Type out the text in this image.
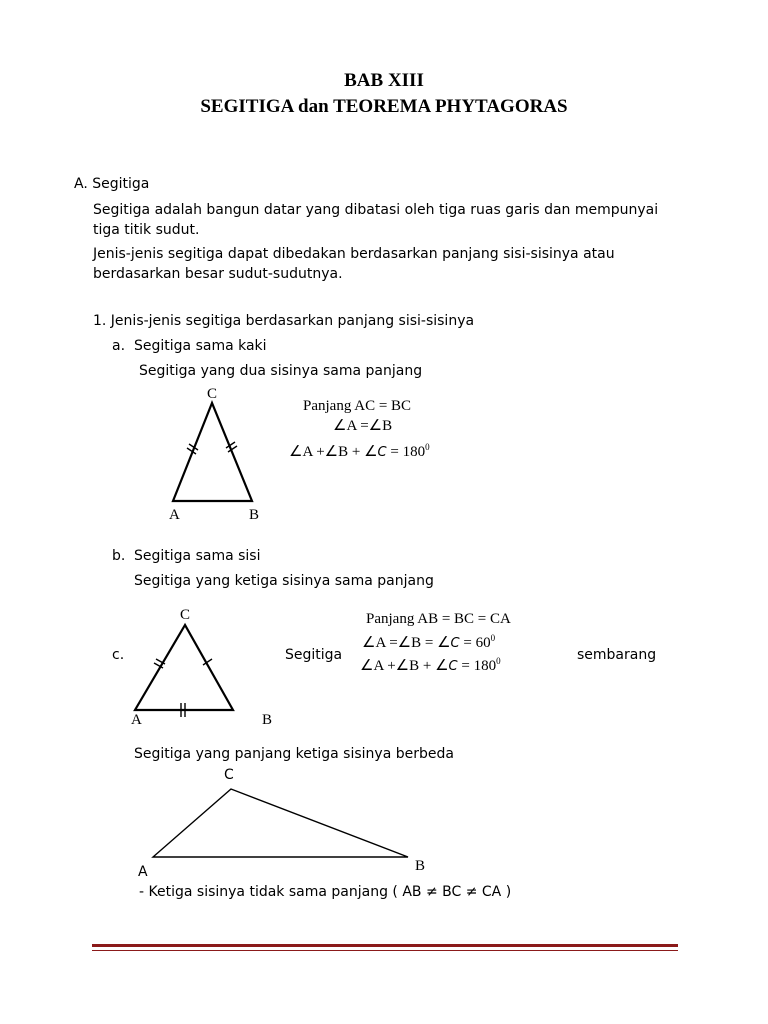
BAB XIII
SEGITIGA dan TEOREMA PHYTAGORAS
A. Segitiga
Segitiga adalah bangun datar yang dibatasi oleh tiga ruas garis dan mempunyai tiga titik sudut.
Jenis-jenis segitiga dapat dibedakan berdasarkan panjang sisi-sisinya atau berdasarkan besar sudut-sudutnya.
1. Jenis-jenis segitiga berdasarkan panjang sisi-sisinya
a. Segitiga sama kaki
Segitiga yang dua sisinya sama panjang
C
A	B
Panjang AC = BC
∠A =∠B
∠A +∠B + ∠C = $180^0$
b. Segitiga sama sisi
Segitiga yang ketiga sisinya sama panjang
C
A	B
Panjang AB = BC = CA
∠A =∠B = ∠C = $60^0$
∠A +∠B + ∠C = $180^0$
c.	Segitiga	sembarang
Segitiga yang panjang ketiga sisinya berbeda
C
A	B
- Ketiga sisinya tidak sama panjang ( AB ≠ BC ≠ CA )
